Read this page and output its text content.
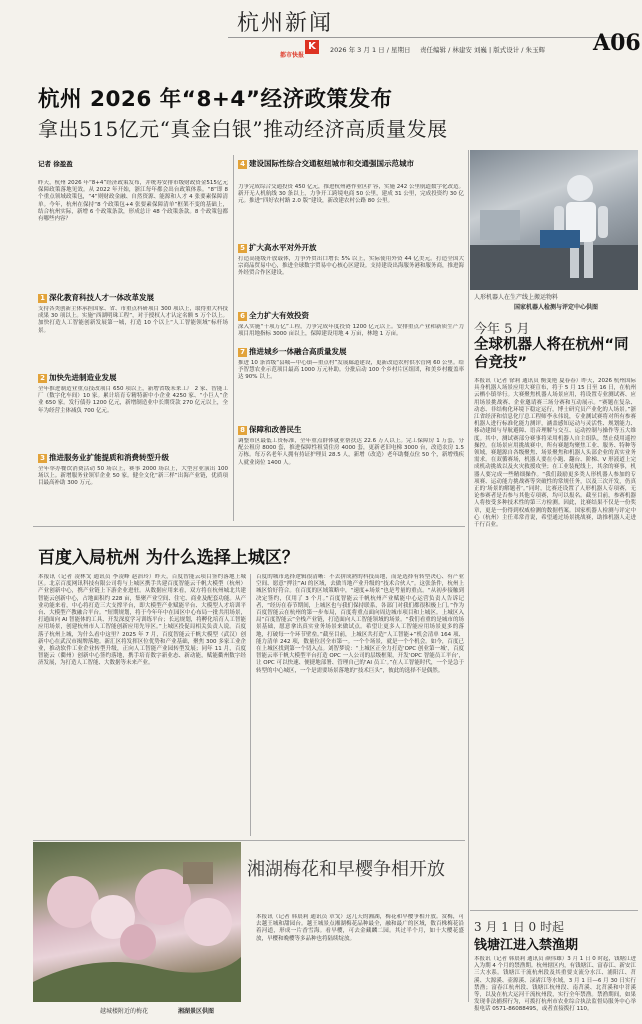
杭州新闻
K
都市快报
2026 年 3 月 1 日 / 星期日 责任编辑 / 林建安 刘巍 | 版式设计 / 朱玉辉 A06
杭州 2026 年“8+4”经济政策发布
拿出515亿元“真金白银”推动经济高质量发展
记者 徐盈盈
昨天，杭州 2026 年“8+4”经济政策发布，并统筹安排市级财政资金515亿元保障政策落地见效。从 2022 年开始，浙江每年都会出台政策体系。“8”即 8 个重点领域政策包，“4”则财政金融、自然资源、能源和人才 4 张要素保障清单。今年，杭州在保持“8 个政策包+4 张要素保障清单”框架不变的基础上，结合杭州实际，新增 6 个政策条款，形成总计 48 个政策条款。8 个政策包都有哪些内容？
1 深化教育科技人才一体改革发展
支持各类创新主体承担国家、省、市重点科研项目 300 项以上，取得重大科技成果 30 项以上。实施“西湖明珠工程”，对于授权人才认定名额 5 万个以上。加快打造人工智能创新发展第一城，打造 10 个以上“人工智能领域”标杆场景。
2 加快先进制造业发展
全年推进制造业重点技改项目 650 项以上，新增省级未来工厂 2 家、智能工厂（数字化车间）10 家。累计培育专精特新中小企业 4250 家、“小巨人”企业 650 家。发行债券 1200 亿元，新增制造业中长期贷款 270 亿元以上，全年为经营主体减负 700 亿元。
3 推进服务业扩能提质和消费转型升级
全年举办餐饮消费活动 50 场以上，赛事 2000 场以上，大型营业演出 100 场以上。新增服务业领军企业 50 家。健全文化“新三样”出海产业链，优质项目最高补助 300 万元。
4 建设国际性综合交通枢纽城市和交通强国示范城市
力争完成综合交通投资 450 亿元，推进杭州港作业区扩容，实施 242 公里航道数字化改造。新开无人机航线 30 条以上，力争开工跨境电商 50 公里，建成 31 公里，完成投资约 30 亿元。推进“四好农村路 2.0 版”建设，新改建农村公路 80 公里。
5 扩大高水平对外开放
打造高能级开放载体，力争外贸出口增长 5% 以上，实际使用外资 44 亿美元。打造全国大宗商品贸易中心，推进全球数字贸易中心核心区建设。支持建设出海服务港和服务商，推进海外经贸合作区建设。
6 全力扩大有效投资
深入实施“千项万亿”工程，力争完成年度投资 1200 亿元以上。安排重点产业和新质生产力项目用地指标 3000 亩以上，保障建设用地 4 万亩，林地 1 万亩。
7 推进城乡一体融合高质量发展
推进 10 条省级“县城—中心镇—重点村”发展廊道建设，更新改造农村供水管网 60 公里。给予智慧农业示范项目最高 1000 万元补助。分批启动 100 个乡村片区组团，和美乡村覆盖率达 90% 以上。
8 保障和改善民生
调整市区最低工资标准，全年重点群体就业帮扶达 22.6 万人以上。完工保障房 1 万套，分配公租房 8000 套，推进保障性租赁住房 4000 套，更新老旧电梯 3000 台，改造农房 1.5 万栋。每万名老年人拥有持证护理员 28.5 人，新增（改造）老年助餐点位 50 个，新增残疾人就业岗位 1400 人。
人形机器人在生产线上搬运物料
国家机器人检测与评定中心供图
今年 5 月
全球机器人将在杭州“同台竞技”
本报讯（记者 徐莉 通讯员 衡变艳 夏春春）昨天，2026 杭州国际具身机器人场景应用大赛宣布，将于 5 月 15 日至 16 日，在杭州云栖小镇举行。大赛聚焦机器人场景应用，将设置专业测试赛、应用场景挑战赛、企业邀请赛三场分赛和互动展示。“赛题在复杂、动态、非结构化环境下稳定运行，博士研究员产业化的人场景。”浙江省经济和信息化厅总工程师李永伟说，专业测试赛将对所有参赛机器人进行标准化能力测评，涵盖感知运动与灵活性、规划能力、移动建图与导航避障、语音理解与交互、运动控制与操作等五大维度。其中，测试赛部分赛事将采用机器人自主组队，禁止使用遥控操控。在场景应用挑战赛中，所有赛题均聚焦工业、服务、特种等领域，赛题源自各级聚焦、场景聚焦和机器人头部企业的真实业务需求。在双循赛场，机器人要在小跑、翻台、阶梯、V 形液道上完成机动挑战以及火灾救援攻坚；在工业装配线上，其余的赛事，机器人要完成一些精细操作。“我们鼓励更多类人形机器人参加的专项赛、运动能力挑战赛等突破性的常规任务，以及三次开发，仍真正的‘场景的解题者’。”同时，比赛还设置了人形机器人专项赛，无论参赛者是否参与其他专项赛，均可以报名。截至目前，参赛机器人将按受多种技术性的第三方检测。因此，比赛结果不仅是一份奖章，更是一份得到权威检测的数据档案。国家机器人检测与评定中心（杭州）主任邓常青说，希望通过场景挑战赛，助推机器人走进千行百业。
3 月 1 日 0 时起
钱塘江进入禁渔期
本报讯（记者 韩晨莉 通讯员 颜伟雄）3 月 1 日 0 时起，钱塘江进入为期 4 个月的禁渔期。杭州辖区内，有钱塘江、富春江、新安江三大水系。钱塘江干流杭州段及其重要支流分水江、浦阳江、苕溪、大源溪、壶源溪、渌渚江等水域，3 月 1 日—6 月 30 日实行禁渔；富春江杭州段、钱塘江杭州段、南苕溪、北苕溪和中苕溪等，以及在杭大运河干流杭州段，实行全年禁渔。禁渔期间，如果发现非法捕捞行为，可拨打杭州市农业综合执法监督局服务中心举报电话 0571-86088495，或者直接拨打 110。
百度入局杭州 为什么选择上城区？
本报讯（记者 凌林戈 通讯员 李凌峰 赵治玲）昨天，百度智能云项目签约落地上城区。北京百度网讯科技有限公司将与上城区携手共建百度智能云千帆大模型（杭州）产业创新中心，携产业链上下游企业进驻。从数据应用来看，双方将在杭州城北共建智能云创新中心，占地面积约 228 亩，集聚产业空间、住宅、商业及配套功能。从产业功能来看，中心将打造三大支撑平台，即大模型产业赋能平台、大模型人才培训平台、大模型产教融合平台。“短期规划，将于今年年中在园区中心布局一批共用场景，打通面向 AI 智能体的工具、开发深度学习训练平台；长远规划，将孵化培育人工智能应用场景，创建杭州市人工智能创新应用先导区。”上城区投促局相关负责人说。百度落子杭州上城，为什么看中这里？2025 年 7 月，百度智能云千帆大模型（武汉）创新中心在武汉市揭牌落地。新汇区将发挥区位优势和产业基础，聚焦 300 多家工业企业，推动软件工业企业转型升级，正向人工智能产业园转型发展；同年 11 月，百度智能云（衢州）创新中心签约落地，携手培育数字新业态、新动能，赋能衢州数字经济发展，为打造人工智能、大数据等未来产业。
百度的城市选择逻辑很清晰：不去拼成熟的科技高地，而是选择有转型决心、有产业空间、愿意“押注”AI 的区域，去做当地产业升级的“技术合伙人”。这张条件，杭州上城区恰好符合。在百度的区域策略中，“速度+场景”也是考量的重点。“从初步接触到决定签约，仅用了 3 个月。”百度智能云千帆杭州产业赋能中心运营负责人告诉记者，“经历在春节期间，上城区也与我们保持联系，各部门对我们都很积极上门。”作为百度智能云在杭州的第一步布局，百度将重点面向周边城市项目和上城区。上城区入局“百度智能云”全栈产业链，打造面向人工智能领域的场景。“我们看重的是城市的场景基础，愿意拿出真实业务场景来做试点。希望让更多人工智能应用场景更多的落地，打破每一个环节壁垒。”截至目前，上城区共打造“人工智能+”机会清单 164 项、能力清单 242 项，数量位居全市第一。一个个场景，就是一个个机会。如今，百度已在上城区找到第一个切入点。刘智梦说：“上城区正全力打造‘OPC 创业第一城’，百度智能云率千帆大模型平台打造 OPC 一人公司的层级框架，开发‘OPC 智能员工平台’，让 OPC 可以快速、便捷地部署、管理自己的‘AI 员工’。”在人工智能时代，一个是急于转型的中心城区，一个是需要场景落地的“技术巨头”，彼此的选择不是偶然。
越城楼附近的梅花	湘湖景区供图
湘湖梅花和早樱争相开放
本报讯（记者 韩晨莉 通讯员 章戈）这几天的湘湖，梅花和早樱争相开放。赏梅，可去越王城和甜园台。越王城景点湘湖梅花品种最全，融和最广的区域，数百株梅花沿着河道，形成一片香雪海。看早樱，可去金藏麟二园。其过半个月，如十大樱花盛放，早樱和晚樱等多品种也将陆续绽放。
